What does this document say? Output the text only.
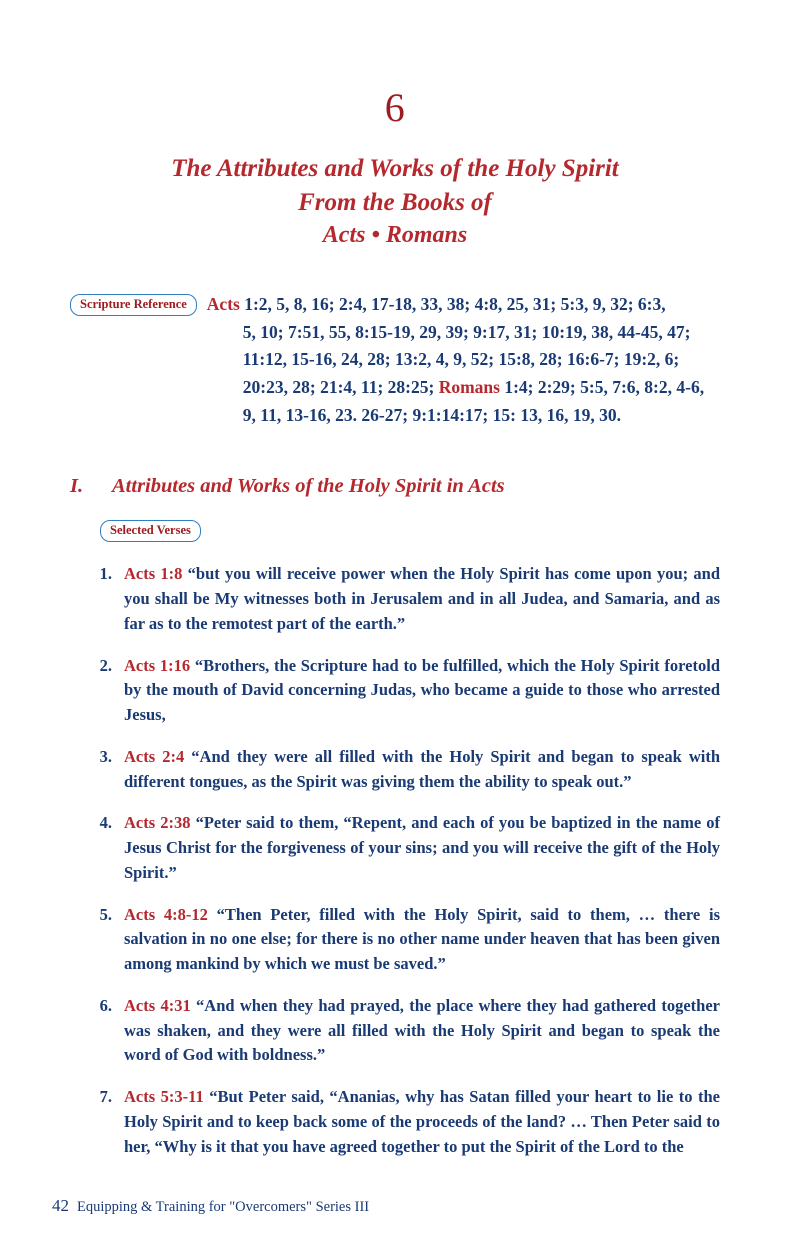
6
The Attributes and Works of the Holy Spirit
From the Books of
Acts • Romans
Scripture Reference	Acts 1:2, 5, 8, 16; 2:4, 17-18, 33, 38; 4:8, 25, 31; 5:3, 9, 32; 6:3,
5, 10; 7:51, 55, 8:15-19, 29, 39; 9:17, 31; 10:19, 38, 44-45, 47;
11:12, 15-16, 24, 28; 13:2, 4, 9, 52; 15:8, 28; 16:6-7; 19:2, 6;
20:23, 28; 21:4, 11; 28:25; Romans 1:4; 2:29; 5:5, 7:6, 8:2, 4-6,
9, 11, 13-16, 23. 26-27; 9:1:14:17; 15: 13, 16, 19, 30.
I.	Attributes and Works of the Holy Spirit in Acts
Selected Verses
1. Acts 1:8 “but you will receive power when the Holy Spirit has come upon you; and you shall be My witnesses both in Jerusalem and in all Judea, and Samaria, and as far as to the remotest part of the earth.”
2. Acts 1:16 “Brothers, the Scripture had to be fulfilled, which the Holy Spirit foretold by the mouth of David concerning Judas, who became a guide to those who arrested Jesus,
3. Acts 2:4 “And they were all filled with the Holy Spirit and began to speak with different tongues, as the Spirit was giving them the ability to speak out.”
4. Acts 2:38 “Peter said to them, “Repent, and each of you be baptized in the name of Jesus Christ for the forgiveness of your sins; and you will receive the gift of the Holy Spirit.”
5. Acts 4:8-12 “Then Peter, filled with the Holy Spirit, said to them, … there is salvation in no one else; for there is no other name under heaven that has been given among mankind by which we must be saved.”
6. Acts 4:31 “And when they had prayed, the place where they had gathered together was shaken, and they were all filled with the Holy Spirit and began to speak the word of God with boldness.”
7. Acts 5:3-11 “But Peter said, “Ananias, why has Satan filled your heart to lie to the Holy Spirit and to keep back some of the proceeds of the land? … Then Peter said to her, “Why is it that you have agreed together to put the Spirit of the Lord to the
42 Equipping & Training for "Overcomers" Series III
